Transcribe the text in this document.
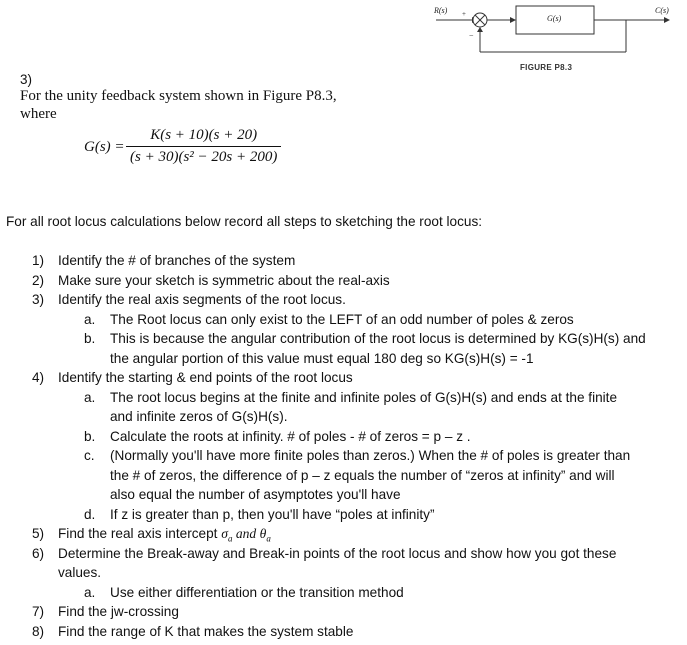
R(s) +
−
G(s)
C(s)
FIGURE P8.3
3)
For the unity feedback system shown in Figure P8.3,
where
G(s) =
K(s + 10)(s + 20)
(s + 30)(s² − 20s + 200)
For all root locus calculations below record all steps to sketching the root locus:
1) Identify the # of branches of the system
2) Make sure your sketch is symmetric about the real-axis
3) Identify the real axis segments of the root locus.
a. The Root locus can only exist to the LEFT of an odd number of poles & zeros
b. This is because the angular contribution of the root locus is determined by KG(s)H(s) and
the angular portion of this value must equal 180 deg so KG(s)H(s) = -1
4) Identify the starting & end points of the root locus
a. The root locus begins at the finite and infinite poles of G(s)H(s) and ends at the finite
and infinite zeros of G(s)H(s).
b. Calculate the roots at infinity. # of poles - # of zeros = p – z .
c. (Normally you'll have more finite poles than zeros.) When the # of poles is greater than
the # of zeros, the difference of p – z equals the number of “zeros at infinity” and will
also equal the number of asymptotes you'll have
d. If z is greater than p, then you'll have “poles at infinity”
5) Find the real axis intercept $\sigma_a$ and $\theta_a$
6) Determine the Break-away and Break-in points of the root locus and show how you got these
values.
a. Use either differentiation or the transition method
7) Find the jw-crossing
8) Find the range of K that makes the system stable
